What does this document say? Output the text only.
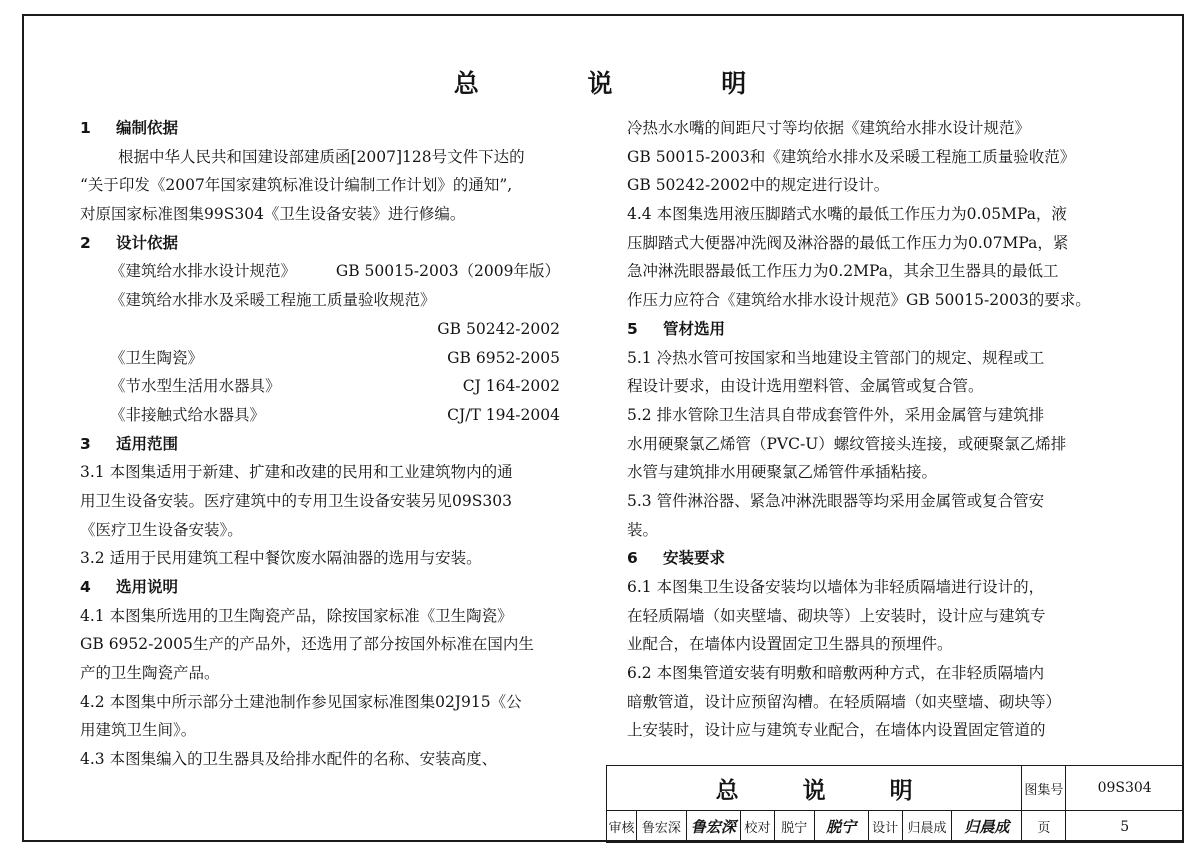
总 说 明
1 编制依据
根据中华人民共和国建设部建质函[2007]128号文件下达的
“关于印发《2007年国家建筑标准设计编制工作计划》的通知”,
对原国家标准图集99S304《卫生设备安装》进行修编。
2 设计依据
《建筑给水排水设计规范》	GB 50015-2003（2009年版）
《建筑给水排水及采暖工程施工质量验收规范》
GB 50242-2002
《卫生陶瓷》	GB 6952-2005
《节水型生活用水器具》	CJ 164-2002
《非接触式给水器具》	CJ/T 194-2004
3 适用范围
3.1 本图集适用于新建、扩建和改建的民用和工业建筑物内的通
用卫生设备安装。医疗建筑中的专用卫生设备安装另见09S303
《医疗卫生设备安装》。
3.2 适用于民用建筑工程中餐饮废水隔油器的选用与安装。
4 选用说明
4.1 本图集所选用的卫生陶瓷产品，除按国家标准《卫生陶瓷》
GB 6952-2005生产的产品外，还选用了部分按国外标准在国内生
产的卫生陶瓷产品。
4.2 本图集中所示部分土建池制作参见国家标准图集02J915《公
用建筑卫生间》。
4.3 本图集编入的卫生器具及给排水配件的名称、安装高度、
冷热水水嘴的间距尺寸等均依据《建筑给水排水设计规范》
GB 50015-2003和《建筑给水排水及采暖工程施工质量验收范》
GB 50242-2002中的规定进行设计。
4.4 本图集选用液压脚踏式水嘴的最低工作压力为0.05MPa，液
压脚踏式大便器冲洗阀及淋浴器的最低工作压力为0.07MPa，紧
急冲淋洗眼器最低工作压力为0.2MPa，其余卫生器具的最低工
作压力应符合《建筑给水排水设计规范》GB 50015-2003的要求。
5 管材选用
5.1 冷热水管可按国家和当地建设主管部门的规定、规程或工
程设计要求，由设计选用塑料管、金属管或复合管。
5.2 排水管除卫生洁具自带成套管件外，采用金属管与建筑排
水用硬聚氯乙烯管（PVC-U）螺纹管接头连接，或硬聚氯乙烯排
水管与建筑排水用硬聚氯乙烯管件承插粘接。
5.3 管件淋浴器、紧急冲淋洗眼器等均采用金属管或复合管安
装。
6 安装要求
6.1 本图集卫生设备安装均以墙体为非轻质隔墙进行设计的，
在轻质隔墙（如夹壁墙、砌块等）上安装时，设计应与建筑专
业配合，在墙体内设置固定卫生器具的预埋件。
6.2 本图集管道安装有明敷和暗敷两种方式，在非轻质隔墙内
暗敷管道，设计应预留沟槽。在轻质隔墙（如夹壁墙、砌块等）
上安装时，设计应与建筑专业配合，在墙体内设置固定管道的
总 说 明									图集号	09S304
审核	鲁宏深	鲁宏深	校对	脱宁	脱宁	设计	归晨成	归晨成	页	5
